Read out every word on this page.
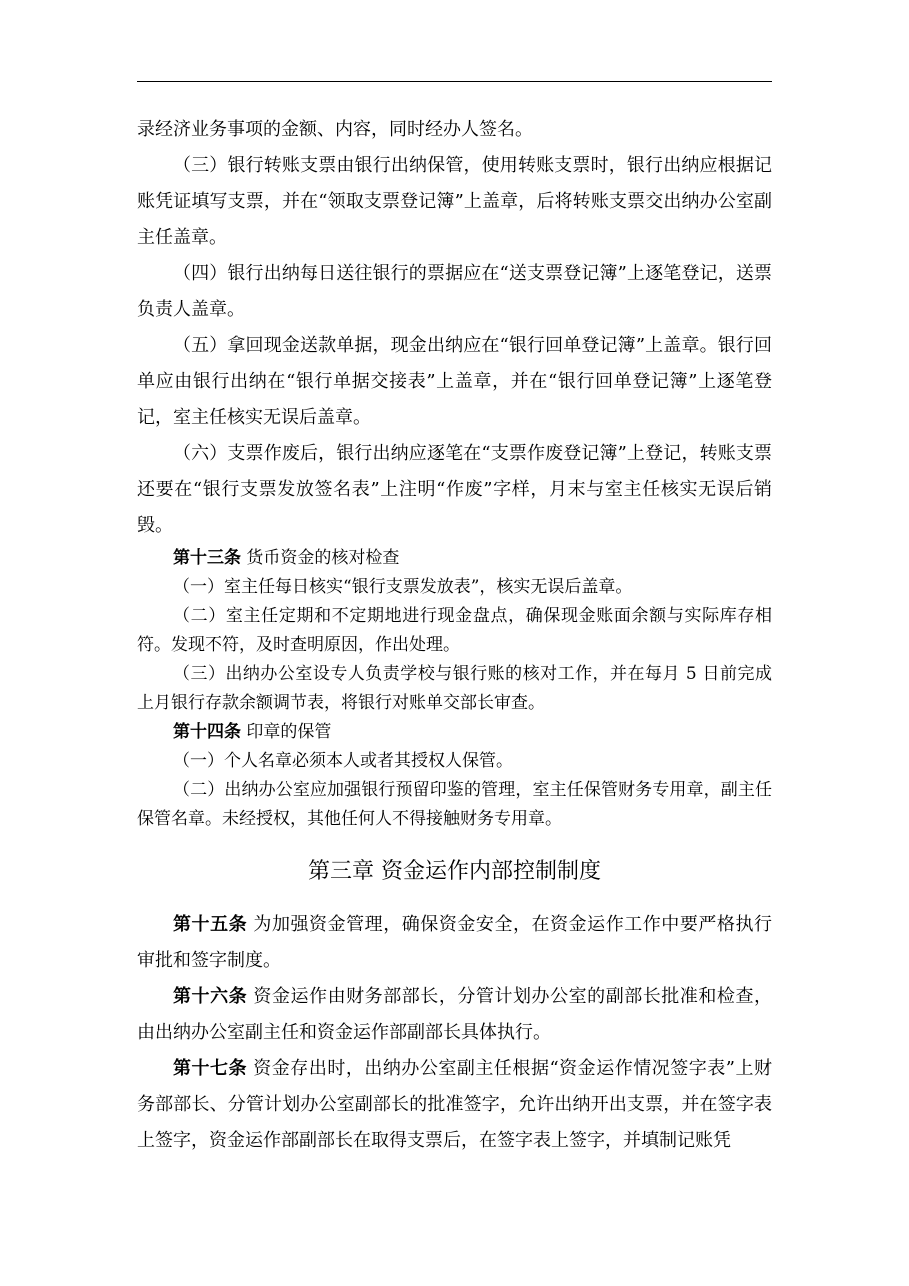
录经济业务事项的金额、内容，同时经办人签名。

（三）银行转账支票由银行出纳保管，使用转账支票时，银行出纳应根据记账凭证填写支票，并在“领取支票登记簿”上盖章，后将转账支票交出纳办公室副主任盖章。

（四）银行出纳每日送往银行的票据应在“送支票登记簿”上逐笔登记，送票负责人盖章。

（五）拿回现金送款单据，现金出纳应在“银行回单登记簿”上盖章。银行回单应由银行出纳在“银行单据交接表”上盖章，并在“银行回单登记簿”上逐笔登记，室主任核实无误后盖章。

（六）支票作废后，银行出纳应逐笔在“支票作废登记簿”上登记，转账支票还要在“银行支票发放签名表”上注明“作废”字样，月末与室主任核实无误后销毁。

第十三条 货币资金的核对检查

（一）室主任每日核实“银行支票发放表”，核实无误后盖章。

（二）室主任定期和不定期地进行现金盘点，确保现金账面余额与实际库存相符。发现不符，及时查明原因，作出处理。

（三）出纳办公室设专人负责学校与银行账的核对工作，并在每月 5 日前完成上月银行存款余额调节表，将银行对账单交部长审查。

第十四条 印章的保管

（一）个人名章必须本人或者其授权人保管。

（二）出纳办公室应加强银行预留印鉴的管理，室主任保管财务专用章，副主任保管名章。未经授权，其他任何人不得接触财务专用章。

第三章 资金运作内部控制制度

第十五条 为加强资金管理，确保资金安全，在资金运作工作中要严格执行审批和签字制度。

第十六条 资金运作由财务部部长，分管计划办公室的副部长批准和检查，由出纳办公室副主任和资金运作部副部长具体执行。

第十七条 资金存出时，出纳办公室副主任根据“资金运作情况签字表”上财务部部长、分管计划办公室副部长的批准签字，允许出纳开出支票，并在签字表上签字，资金运作部副部长在取得支票后，在签字表上签字，并填制记账凭
